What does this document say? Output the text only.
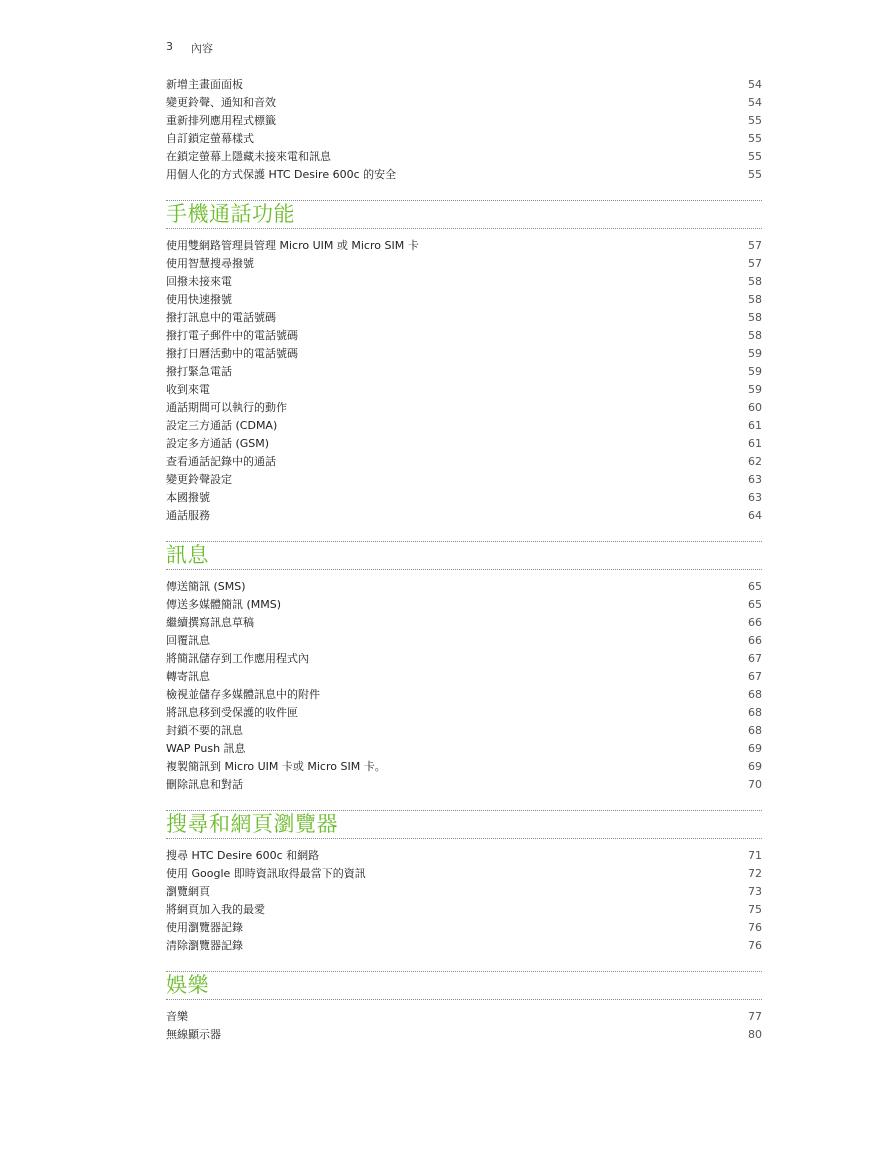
3 內容
新增主畫面面板	54
變更鈴聲、通知和音效	54
重新排列應用程式標籤	55
自訂鎖定螢幕樣式	55
在鎖定螢幕上隱藏未接來電和訊息	55
用個人化的方式保護 HTC Desire 600c 的安全	55
手機通話功能
使用雙網路管理員管理 Micro UIM 或 Micro SIM 卡	57
使用智慧搜尋撥號	57
回撥未接來電	58
使用快速撥號	58
撥打訊息中的電話號碼	58
撥打電子郵件中的電話號碼	58
撥打日曆活動中的電話號碼	59
撥打緊急電話	59
收到來電	59
通話期間可以執行的動作	60
設定三方通話 (CDMA)	61
設定多方通話 (GSM)	61
查看通話記錄中的通話	62
變更鈴聲設定	63
本國撥號	63
通話服務	64
訊息
傳送簡訊 (SMS)	65
傳送多媒體簡訊 (MMS)	65
繼續撰寫訊息草稿	66
回覆訊息	66
將簡訊儲存到工作應用程式內	67
轉寄訊息	67
檢視並儲存多媒體訊息中的附件	68
將訊息移到受保護的收件匣	68
封鎖不要的訊息	68
WAP Push 訊息	69
複製簡訊到 Micro UIM 卡或 Micro SIM 卡。	69
刪除訊息和對話	70
搜尋和網頁瀏覽器
搜尋 HTC Desire 600c 和網路	71
使用 Google 即時資訊取得最當下的資訊	72
瀏覽網頁	73
將網頁加入我的最愛	75
使用瀏覽器記錄	76
清除瀏覽器記錄	76
娛樂
音樂	77
無線顯示器	80
